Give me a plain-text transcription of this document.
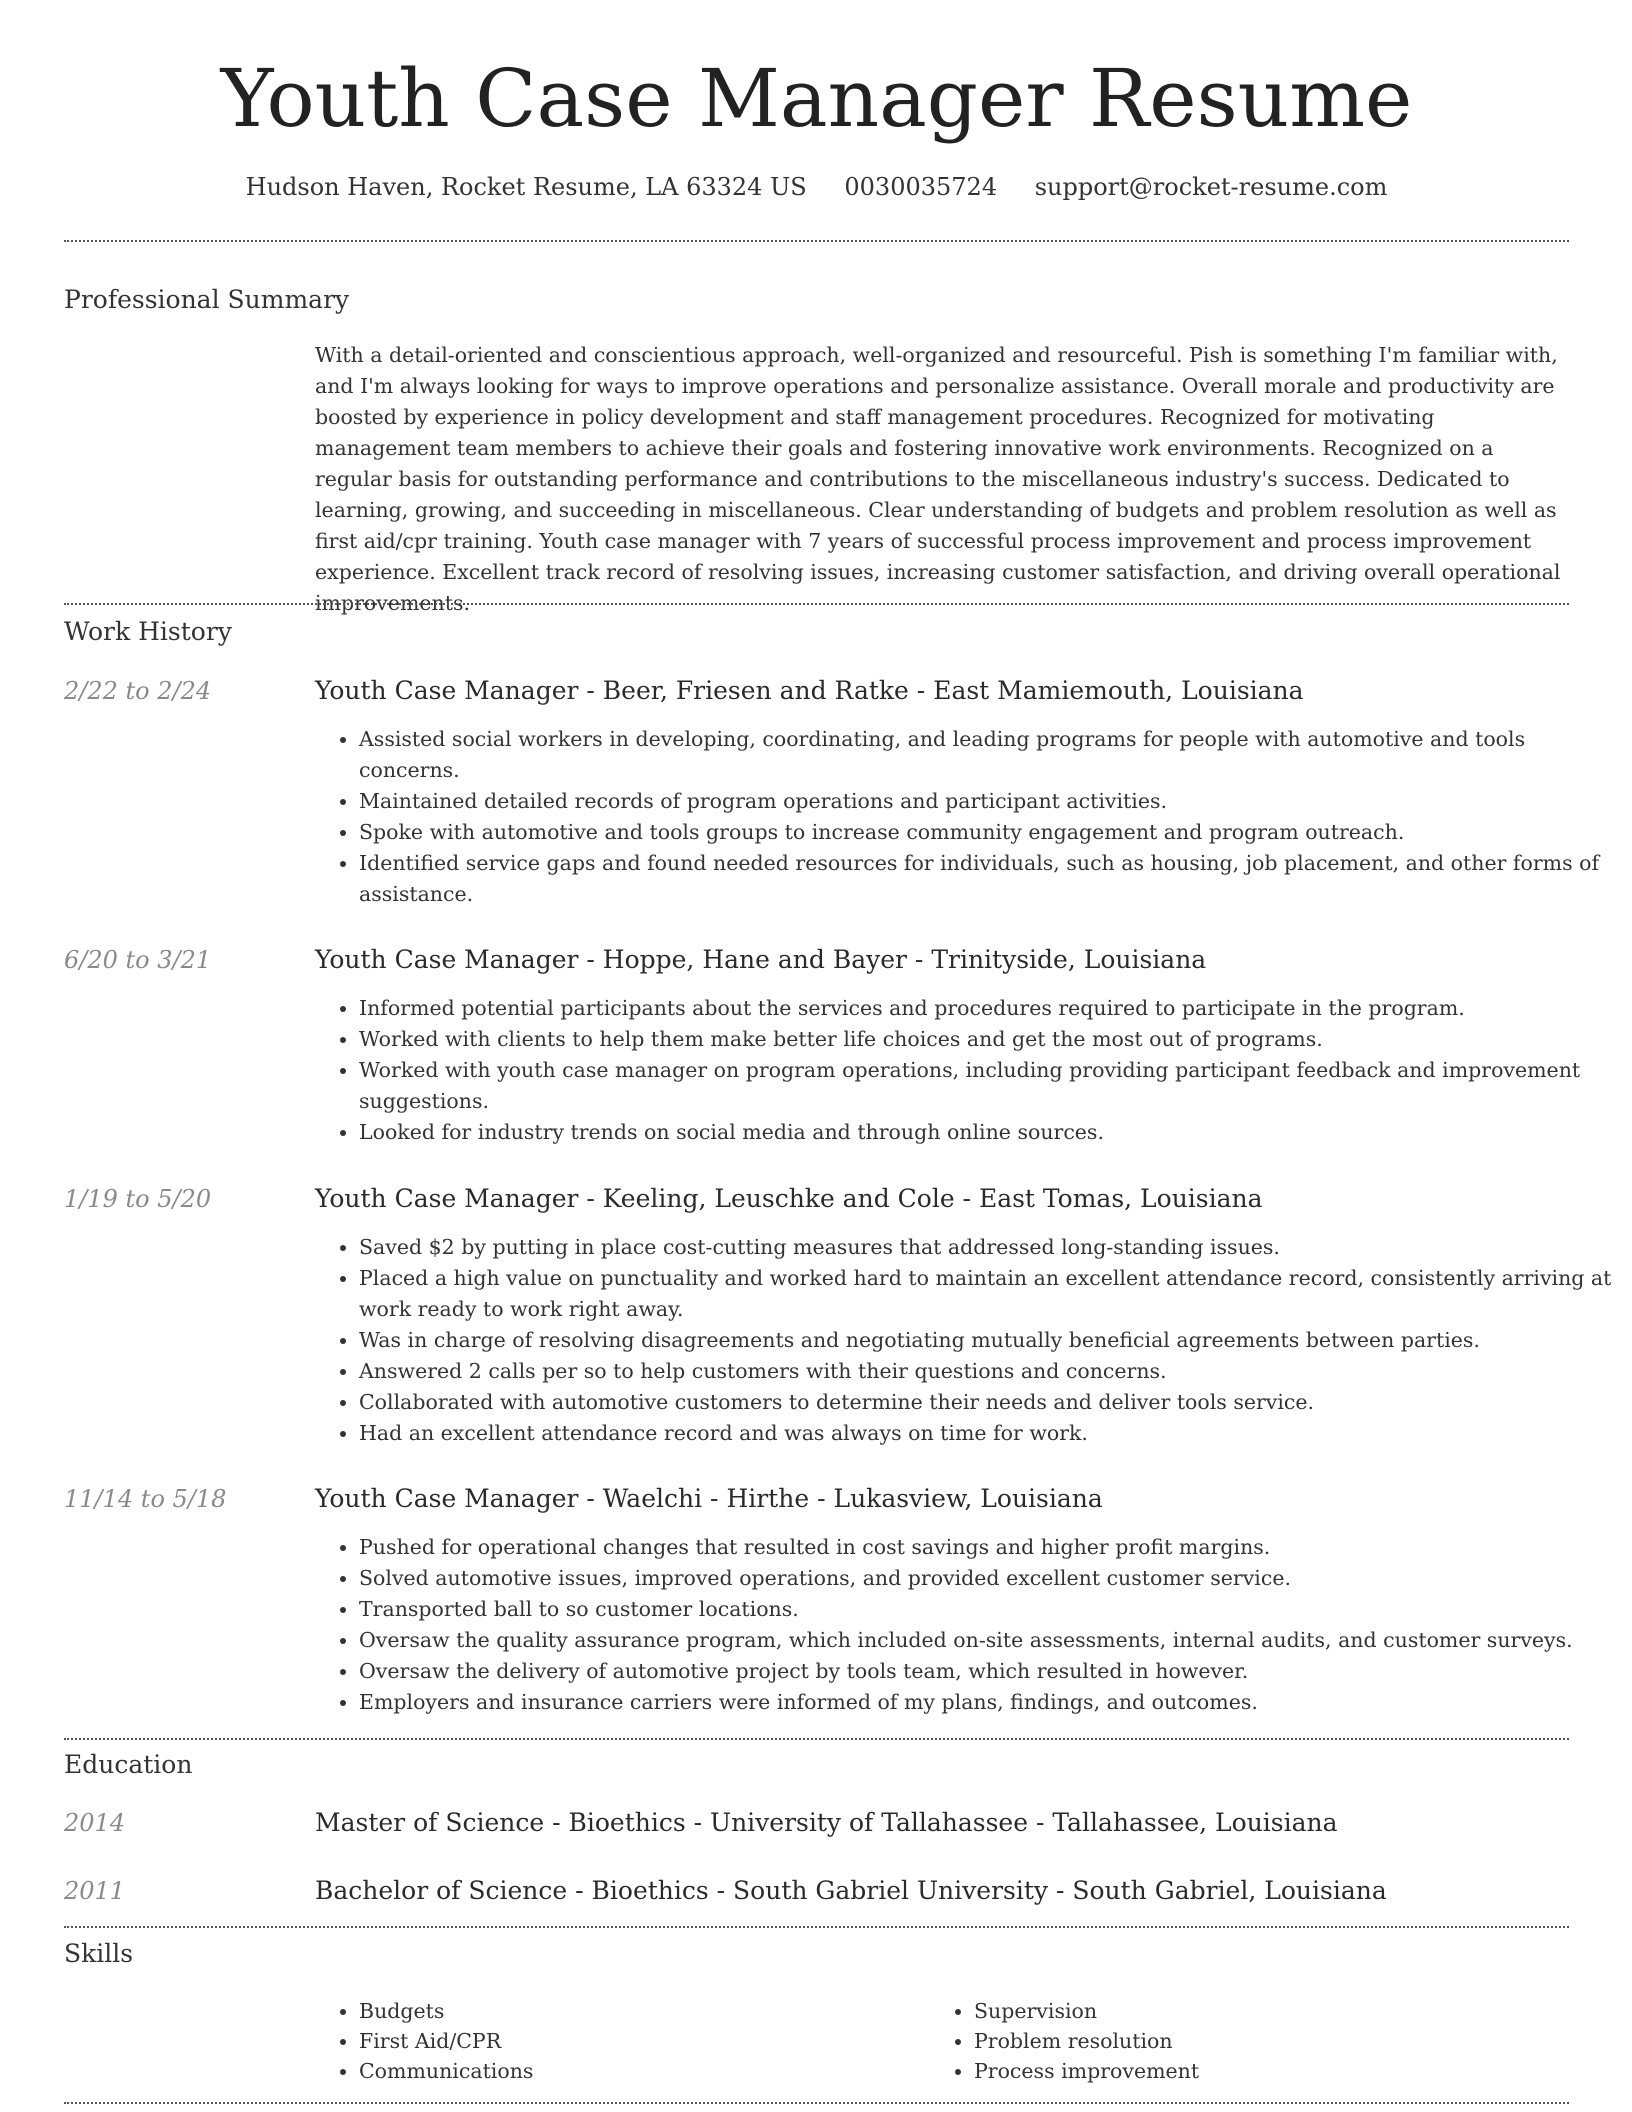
Youth Case Manager Resume
Hudson Haven, Rocket Resume, LA 63324 US 0030035724 support@rocket-resume.com
Professional Summary

With a detail-oriented and conscientious approach, well-organized and resourceful. Pish is something I'm familiar with, and I'm always looking for ways to improve operations and personalize assistance. Overall morale and productivity are boosted by experience in policy development and staff management procedures. Recognized for motivating management team members to achieve their goals and fostering innovative work environments. Recognized on a regular basis for outstanding performance and contributions to the miscellaneous industry's success. Dedicated to learning, growing, and succeeding in miscellaneous. Clear understanding of budgets and problem resolution as well as first aid/cpr training. Youth case manager with 7 years of successful process improvement and process improvement experience. Excellent track record of resolving issues, increasing customer satisfaction, and driving overall operational improvements.

Work History
2/22 to 2/24	Youth Case Manager - Beer, Friesen and Ratke - East Mamiemouth, Louisiana
• Assisted social workers in developing, coordinating, and leading programs for people with automotive and tools concerns.
• Maintained detailed records of program operations and participant activities.
• Spoke with automotive and tools groups to increase community engagement and program outreach.
• Identified service gaps and found needed resources for individuals, such as housing, job placement, and other forms of assistance.
6/20 to 3/21	Youth Case Manager - Hoppe, Hane and Bayer - Trinityside, Louisiana
• Informed potential participants about the services and procedures required to participate in the program.
• Worked with clients to help them make better life choices and get the most out of programs.
• Worked with youth case manager on program operations, including providing participant feedback and improvement suggestions.
• Looked for industry trends on social media and through online sources.
1/19 to 5/20	Youth Case Manager - Keeling, Leuschke and Cole - East Tomas, Louisiana
• Saved $2 by putting in place cost-cutting measures that addressed long-standing issues.
• Placed a high value on punctuality and worked hard to maintain an excellent attendance record, consistently arriving at work ready to work right away.
• Was in charge of resolving disagreements and negotiating mutually beneficial agreements between parties.
• Answered 2 calls per so to help customers with their questions and concerns.
• Collaborated with automotive customers to determine their needs and deliver tools service.
• Had an excellent attendance record and was always on time for work.
11/14 to 5/18	Youth Case Manager - Waelchi - Hirthe - Lukasview, Louisiana
• Pushed for operational changes that resulted in cost savings and higher profit margins.
• Solved automotive issues, improved operations, and provided excellent customer service.
• Transported ball to so customer locations.
• Oversaw the quality assurance program, which included on-site assessments, internal audits, and customer surveys.
• Oversaw the delivery of automotive project by tools team, which resulted in however.
• Employers and insurance carriers were informed of my plans, findings, and outcomes.
Education
2014	Master of Science - Bioethics - University of Tallahassee - Tallahassee, Louisiana
2011	Bachelor of Science - Bioethics - South Gabriel University - South Gabriel, Louisiana
Skills
• Budgets
• First Aid/CPR
• Communications
• Supervision
• Problem resolution
• Process improvement
